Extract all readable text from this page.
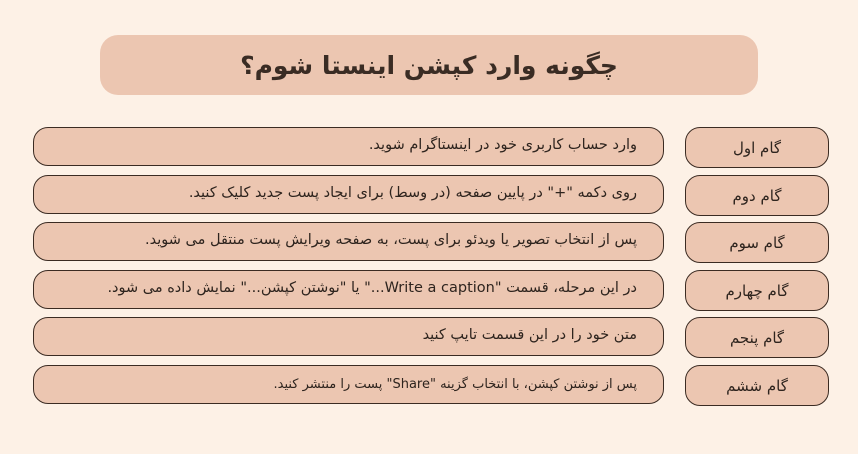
چگونه وارد کپشن اینستا شوم؟
وارد حساب کاربری خود در اینستاگرام شوید.	گام اول
روی دکمه "+" در پایین صفحه (در وسط) برای ایجاد پست جدید کلیک کنید.	گام دوم
پس از انتخاب تصویر یا ویدئو برای پست، به صفحه ویرایش پست منتقل می شوید.	گام سوم
در این مرحله، قسمت "Write a caption..." یا "نوشتن کپشن..." نمایش داده می شود.	گام چهارم
متن خود را در این قسمت تایپ کنید	گام پنجم
پس از نوشتن کپشن، با انتخاب گزینه "Share" پست را منتشر کنید.	گام ششم
